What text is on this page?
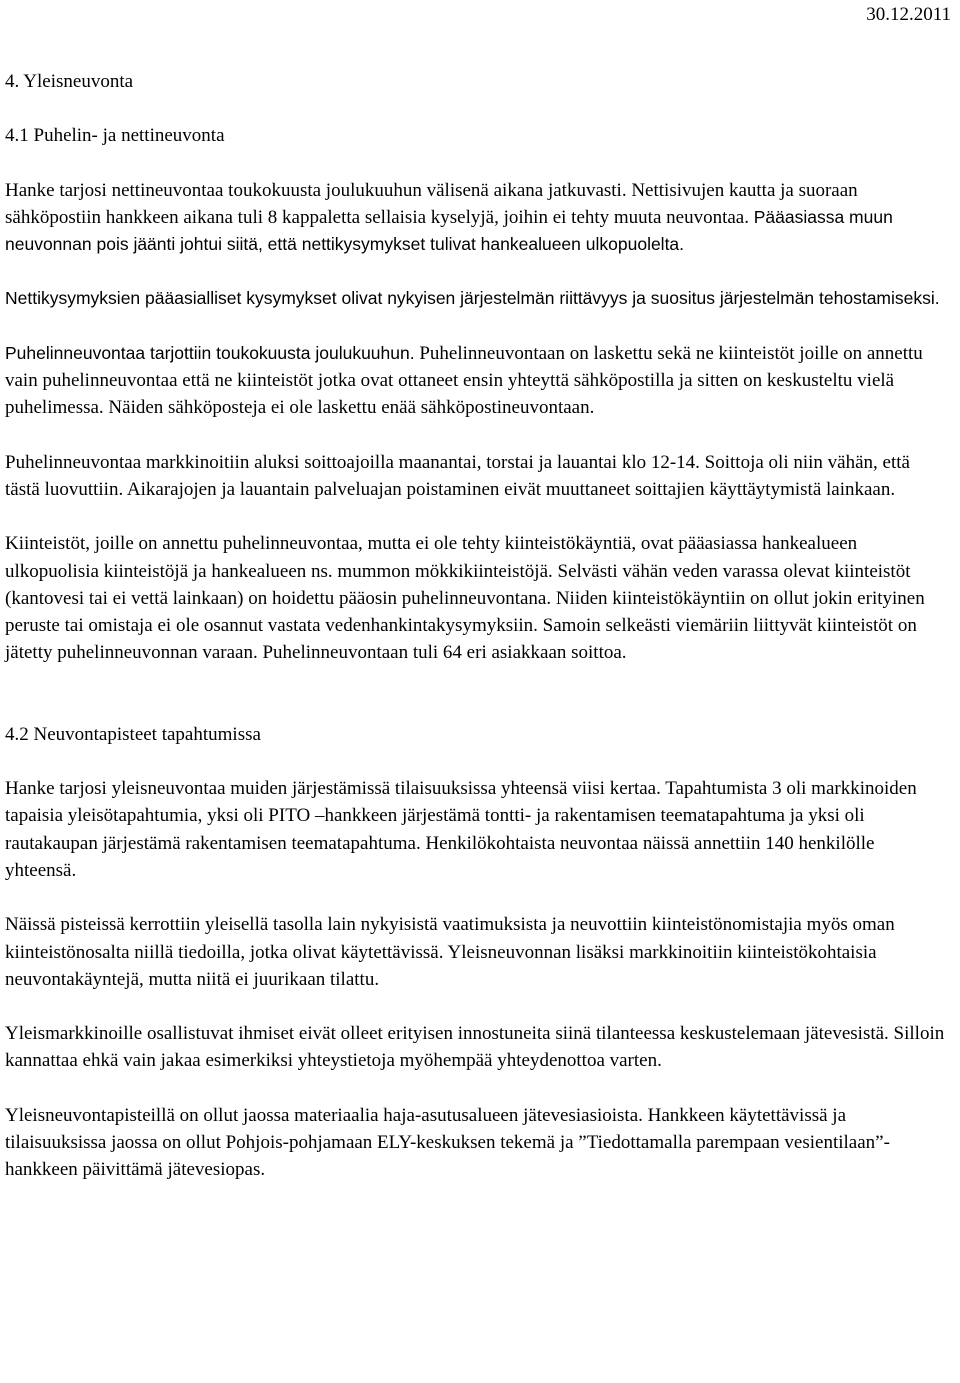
30.12.2011
4. Yleisneuvonta
4.1 Puhelin- ja nettineuvonta

Hanke tarjosi nettineuvontaa toukokuusta joulukuuhun välisenä aikana jatkuvasti. Nettisivujen kautta ja suoraan sähköpostiin hankkeen aikana tuli 8 kappaletta sellaisia kyselyjä, joihin ei tehty muuta neuvontaa. Pääasiassa muun neuvonnan pois jäänti johtui siitä, että nettikysymykset tulivat hankealueen ulkopuolelta.

Nettikysymyksien pääasialliset kysymykset olivat nykyisen järjestelmän riittävyys ja suositus järjestelmän tehostamiseksi.

Puhelinneuvontaa tarjottiin toukokuusta joulukuuhun. Puhelinneuvontaan on laskettu sekä ne kiinteistöt joille on annettu vain puhelinneuvontaa että ne kiinteistöt jotka ovat ottaneet ensin yhteyttä sähköpostilla ja sitten on keskusteltu vielä puhelimessa. Näiden sähköposteja ei ole laskettu enää sähköpostineuvontaan.

Puhelinneuvontaa markkinoitiin aluksi soittoajoilla maanantai, torstai ja lauantai klo 12-14. Soittoja oli niin vähän, että tästä luovuttiin. Aikarajojen ja lauantain palveluajan poistaminen eivät muuttaneet soittajien käyttäytymistä lainkaan.

Kiinteistöt, joille on annettu puhelinneuvontaa, mutta ei ole tehty kiinteistökäyntiä, ovat pääasiassa hankealueen ulkopuolisia kiinteistöjä ja hankealueen ns. mummon mökkikiinteistöjä. Selvästi vähän veden varassa olevat kiinteistöt (kantovesi tai ei vettä lainkaan) on hoidettu pääosin puhelinneuvontana. Niiden kiinteistökäyntiin on ollut jokin erityinen peruste tai omistaja ei ole osannut vastata vedenhankintakysymyksiin. Samoin selkeästi viemäriin liittyvät kiinteistöt on jätetty puhelinneuvonnan varaan. Puhelinneuvontaan tuli 64 eri asiakkaan soittoa.

4.2 Neuvontapisteet tapahtumissa

Hanke tarjosi yleisneuvontaa muiden järjestämissä tilaisuuksissa yhteensä viisi kertaa. Tapahtumista 3 oli markkinoiden tapaisia yleisötapahtumia, yksi oli PITO –hankkeen järjestämä tontti- ja rakentamisen teematapahtuma ja yksi oli rautakaupan järjestämä rakentamisen teematapahtuma. Henkilökohtaista neuvontaa näissä annettiin 140 henkilölle yhteensä.

Näissä pisteissä kerrottiin yleisellä tasolla lain nykyisistä vaatimuksista ja neuvottiin kiinteistönomistajia myös oman kiinteistönosalta niillä tiedoilla, jotka olivat käytettävissä. Yleisneuvonnan lisäksi markkinoitiin kiinteistökohtaisia neuvontakäyntejä, mutta niitä ei juurikaan tilattu.

Yleismarkkinoille osallistuvat ihmiset eivät olleet erityisen innostuneita siinä tilanteessa keskustelemaan jätevesistä. Silloin kannattaa ehkä vain jakaa esimerkiksi yhteystietoja myöhempää yhteydenottoa varten.

Yleisneuvontapisteillä on ollut jaossa materiaalia haja-asutusalueen jätevesiasioista. Hankkeen käytettävissä ja tilaisuuksissa jaossa on ollut Pohjois-pohjamaan ELY-keskuksen tekemä ja ”Tiedottamalla parempaan vesientilaan”-hankkeen päivittämä jätevesiopas.
